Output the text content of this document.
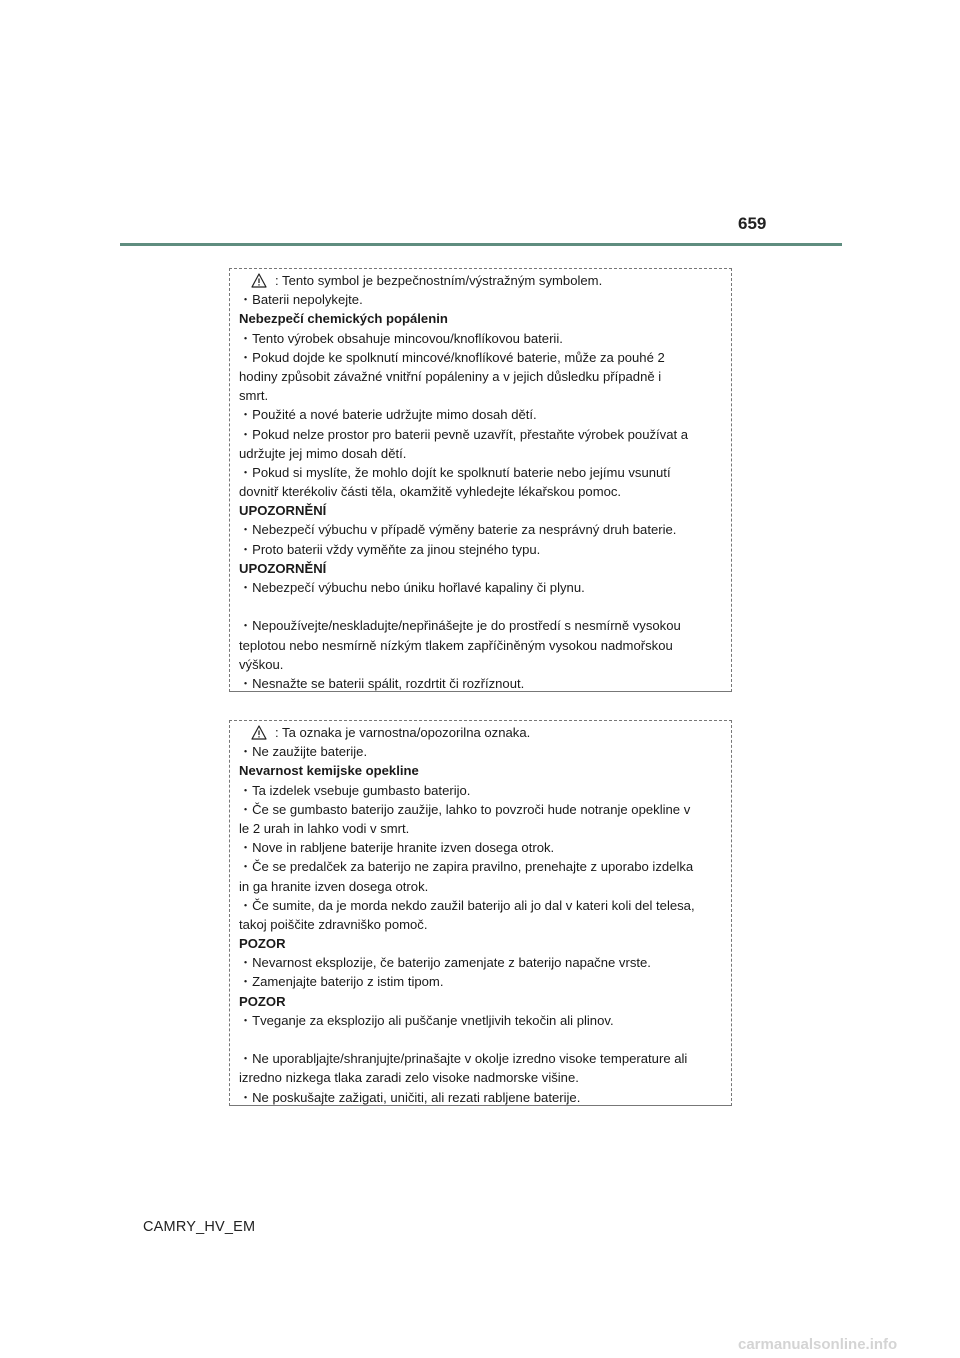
659
: Tento symbol je bezpečnostním/výstražným symbolem.
・Baterii nepolykejte.
Nebezpečí chemických popálenin
・Tento výrobek obsahuje mincovou/knoflíkovou baterii.
・Pokud dojde ke spolknutí mincové/knoflíkové baterie, může za pouhé 2
hodiny způsobit závažné vnitřní popáleniny a v jejich důsledku případně i
smrt.
・Použité a nové baterie udržujte mimo dosah dětí.
・Pokud nelze prostor pro baterii pevně uzavřít, přestaňte výrobek používat a
udržujte jej mimo dosah dětí.
・Pokud si myslíte, že mohlo dojít ke spolknutí baterie nebo jejímu vsunutí
dovnitř kterékoliv části těla, okamžitě vyhledejte lékařskou pomoc.
UPOZORNĚNÍ
・Nebezpečí výbuchu v případě výměny baterie za nesprávný druh baterie.
・Proto baterii vždy vyměňte za jinou stejného typu.
UPOZORNĚNÍ
・Nebezpečí výbuchu nebo úniku hořlavé kapaliny či plynu.
・Nepoužívejte/neskladujte/nepřinášejte je do prostředí s nesmírně vysokou
teplotou nebo nesmírně nízkým tlakem zapříčiněným vysokou nadmořskou
výškou.
・Nesnažte se baterii spálit, rozdrtit či rozříznout.
: Ta oznaka je varnostna/opozorilna oznaka.
・Ne zaužijte baterije.
Nevarnost kemijske opekline
・Ta izdelek vsebuje gumbasto baterijo.
・Če se gumbasto baterijo zaužije, lahko to povzroči hude notranje opekline v
le 2 urah in lahko vodi v smrt.
・Nove in rabljene baterije hranite izven dosega otrok.
・Če se predalček za baterijo ne zapira pravilno, prenehajte z uporabo izdelka
in ga hranite izven dosega otrok.
・Če sumite, da je morda nekdo zaužil baterijo ali jo dal v kateri koli del telesa,
takoj poiščite zdravniško pomoč.
POZOR
・Nevarnost eksplozije, če baterijo zamenjate z baterijo napačne vrste.
・Zamenjajte baterijo z istim tipom.
POZOR
・Tveganje za eksplozijo ali puščanje vnetljivih tekočin ali plinov.
・Ne uporabljajte/shranjujte/prinašajte v okolje izredno visoke temperature ali
izredno nizkega tlaka zaradi zelo visoke nadmorske višine.
・Ne poskušajte zažigati, uničiti, ali rezati rabljene baterije.
CAMRY_HV_EM
carmanualsonline.info
